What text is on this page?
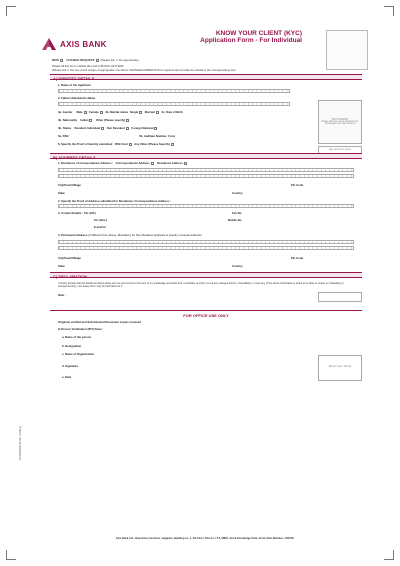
AXIS BANK
KNOW YOUR CLIENT (KYC)
Application Form - For Individual
NEW CHANGE REQUEST (Please tick ✔ the appropriate)
Please fill this form in ENGLISH and in BLOCK LETTERS
(Please tick ✔ the box at left margin of appropriate row where CHANGE/CORRECTION is required and provide the details in the corresponding row)
A) IDENTITY DETAILS
1. Name of the Applicant
2. Father's/Husband's Name
3a. Gender Male Female 3b. Marital status Single Married 3c. Date of Birth
3b. Nationality Indian	Other (Please specify)
4b. Status Resident Individual Non Resident Foreign National
5a. PAN	5b. Aadhaar Number, if any
6. Specify the Proof of Identity submitted PAN Card Any Other (Please Specify)
PHOTOGRAPH
Please affix the recent passport size photograph and sign across it
Sign across the photo
B) ADDRESS DETAILS
1. Residence / Correspondence Address : Correspondence Address	Residence Address
City/Town/Village	Pin Code
State	Country
2. Specify the Proof of Address submitted for Residence / Correspondence Address :
3. Contact Details : Tel. (Off.)	Fax No.
Tel. (Res.)	Mobile No.
E-mail Id
4. Permanent Address (If different from above. Mandatory for Non-Resident Applicant to specify overseas address)
City/Town/Village	Pin Code
State	Country
C) DECLARATION
I hereby declare that the details furnished above are true and correct to the best of my knowledge and belief and I undertake to inform you of any changes therein, immediately. In case any of the above information is found to be false or untrue or misleading or misrepresenting, I am aware that I may be held liable for it.
Date :
FOR OFFICE USE ONLY
Originals verified and Self-Attested Document copies received
In-Person Verification (IPV) Done:
a. Name of the person
b. Designation
c. Name of Organization
d. Signature
e. Date
(Branch Seal / Stamp)
KYC/IND/2014 Ver 2.0/Eng
Axis Bank Ltd., Depository Services, Gigaplex, Building no. 1, 4th Floor, Plot no. I.T.5, MIDC, Airoli Knowledge Park, Airoli, Navi Mumbai - 400708.
